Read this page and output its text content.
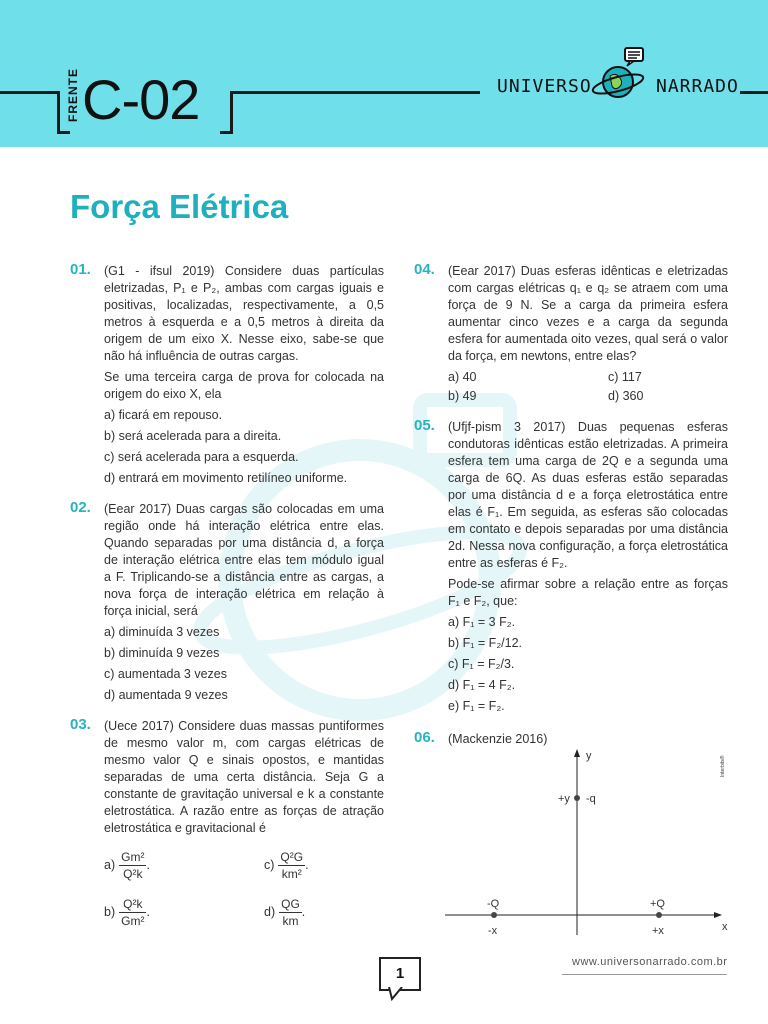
FRENTE C-02	UNIVERSO	NARRADO
Força Elétrica
01. (G1 - ifsul 2019) Considere duas partículas eletrizadas, P₁ e P₂, ambas com cargas iguais e positivas, localizadas, respectivamente, a 0,5 metros à esquerda e a 0,5 metros à direita da origem de um eixo X. Nesse eixo, sabe-se que não há influência de outras cargas.
Se uma terceira carga de prova for colocada na origem do eixo X, ela
a) ficará em repouso.
b) será acelerada para a direita.
c) será acelerada para a esquerda.
d) entrará em movimento retilíneo uniforme.
02. (Eear 2017) Duas cargas são colocadas em uma região onde há interação elétrica entre elas. Quando separadas por uma distância d, a força de interação elétrica entre elas tem módulo igual a F. Triplicando-se a distância entre as cargas, a nova força de interação elétrica em relação à força inicial, será
a) diminuída 3 vezes
b) diminuída 9 vezes
c) aumentada 3 vezes
d) aumentada 9 vezes
03. (Uece 2017) Considere duas massas puntiformes de mesmo valor m, com cargas elétricas de mesmo valor Q e sinais opostos, e mantidas separadas de uma certa distância. Seja G a constante de gravitação universal e k a constante eletrostática. A razão entre as forças de atração eletrostática e gravitacional é
$a) \frac{\text{Gm²}}{\text{Q²k}}$ .	$c) \frac{\text{Q²G}}{\text{km²}}$ .
$b) \frac{\text{Q²k}}{\text{Gm²}}$ .	$d) \frac{QG}{km}$ .
04. (Eear 2017) Duas esferas idênticas e eletrizadas com cargas elétricas q₁ e q₂ se atraem com uma força de 9 N. Se a carga da primeira esfera aumentar cinco vezes e a carga da segunda esfera for aumentada oito vezes, qual será o valor da força, em newtons, entre elas?
a) 40	c) 117
b) 49	d) 360
05. (Ufjf-pism 3 2017) Duas pequenas esferas condutoras idênticas estão eletrizadas. A primeira esfera tem uma carga de 2Q e a segunda uma carga de 6Q. As duas esferas estão separadas por uma distância d e a força eletrostática entre elas é F₁. Em seguida, as esferas são colocadas em contato e depois separadas por uma distância 2d. Nessa nova configuração, a força eletrostática entre as esferas é F₂.
Pode-se afirmar sobre a relação entre as forças F₁ e F₂, que:
a) F₁ = 3 F₂.
b) F₁ = F₂/12.
c) F₁ = F₂/3.
d) F₁ = 4 F₂.
e) F₁ = F₂.
06. (Mackenzie 2016)
y
x
+y -q
-Q
-x
+Q
+x
Interbits®
www.universonarrado.com.br
1
